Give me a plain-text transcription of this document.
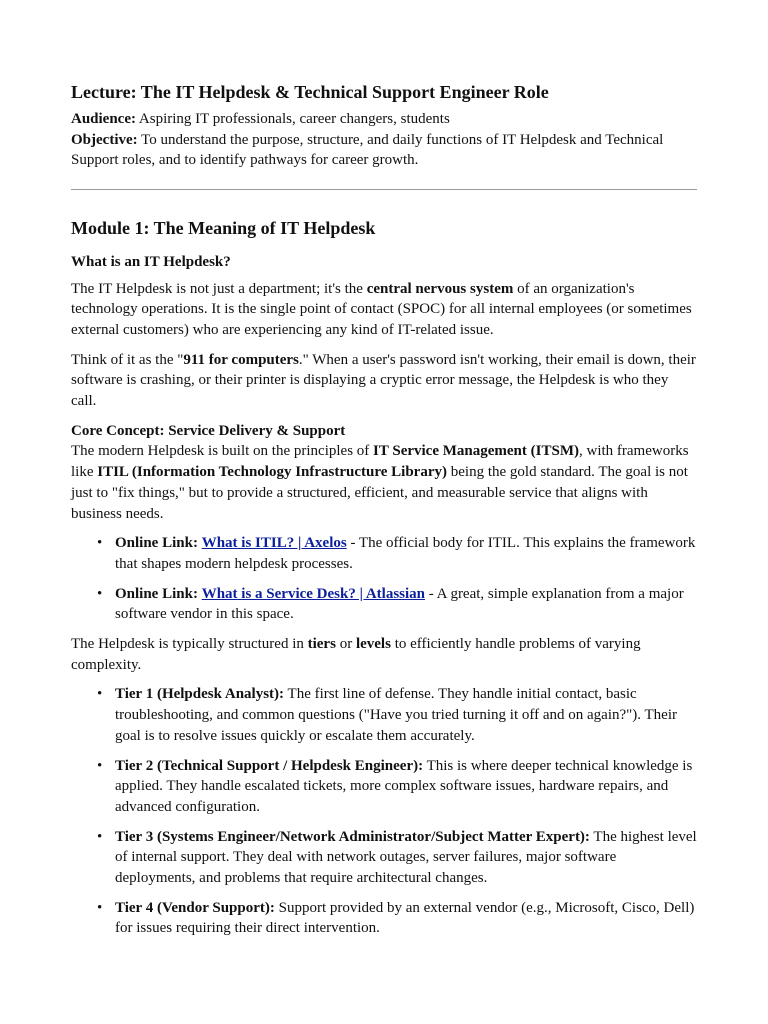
Lecture: The IT Helpdesk & Technical Support Engineer Role

Audience: Aspiring IT professionals, career changers, students

Objective: To understand the purpose, structure, and daily functions of IT Helpdesk and Technical Support roles, and to identify pathways for career growth.

Module 1: The Meaning of IT Helpdesk
What is an IT Helpdesk?

The IT Helpdesk is not just a department; it's the central nervous system of an organization's technology operations. It is the single point of contact (SPOC) for all internal employees (or sometimes external customers) who are experiencing any kind of IT-related issue.

Think of it as the "911 for computers." When a user's password isn't working, their email is down, their software is crashing, or their printer is displaying a cryptic error message, the Helpdesk is who they call.

Core Concept: Service Delivery & Support
The modern Helpdesk is built on the principles of IT Service Management (ITSM), with frameworks like ITIL (Information Technology Infrastructure Library) being the gold standard. The goal is not just to "fix things," but to provide a structured, efficient, and measurable service that aligns with business needs.

• Online Link: What is ITIL? | Axelos - The official body for ITIL. This explains the framework that shapes modern helpdesk processes.
• Online Link: What is a Service Desk? | Atlassian - A great, simple explanation from a major software vendor in this space.

The Helpdesk is typically structured in tiers or levels to efficiently handle problems of varying complexity.

• Tier 1 (Helpdesk Analyst): The first line of defense. They handle initial contact, basic troubleshooting, and common questions ("Have you tried turning it off and on again?"). Their goal is to resolve issues quickly or escalate them accurately.
• Tier 2 (Technical Support / Helpdesk Engineer): This is where deeper technical knowledge is applied. They handle escalated tickets, more complex software issues, hardware repairs, and advanced configuration.
• Tier 3 (Systems Engineer/Network Administrator/Subject Matter Expert): The highest level of internal support. They deal with network outages, server failures, major software deployments, and problems that require architectural changes.
• Tier 4 (Vendor Support): Support provided by an external vendor (e.g., Microsoft, Cisco, Dell) for issues requiring their direct intervention.
